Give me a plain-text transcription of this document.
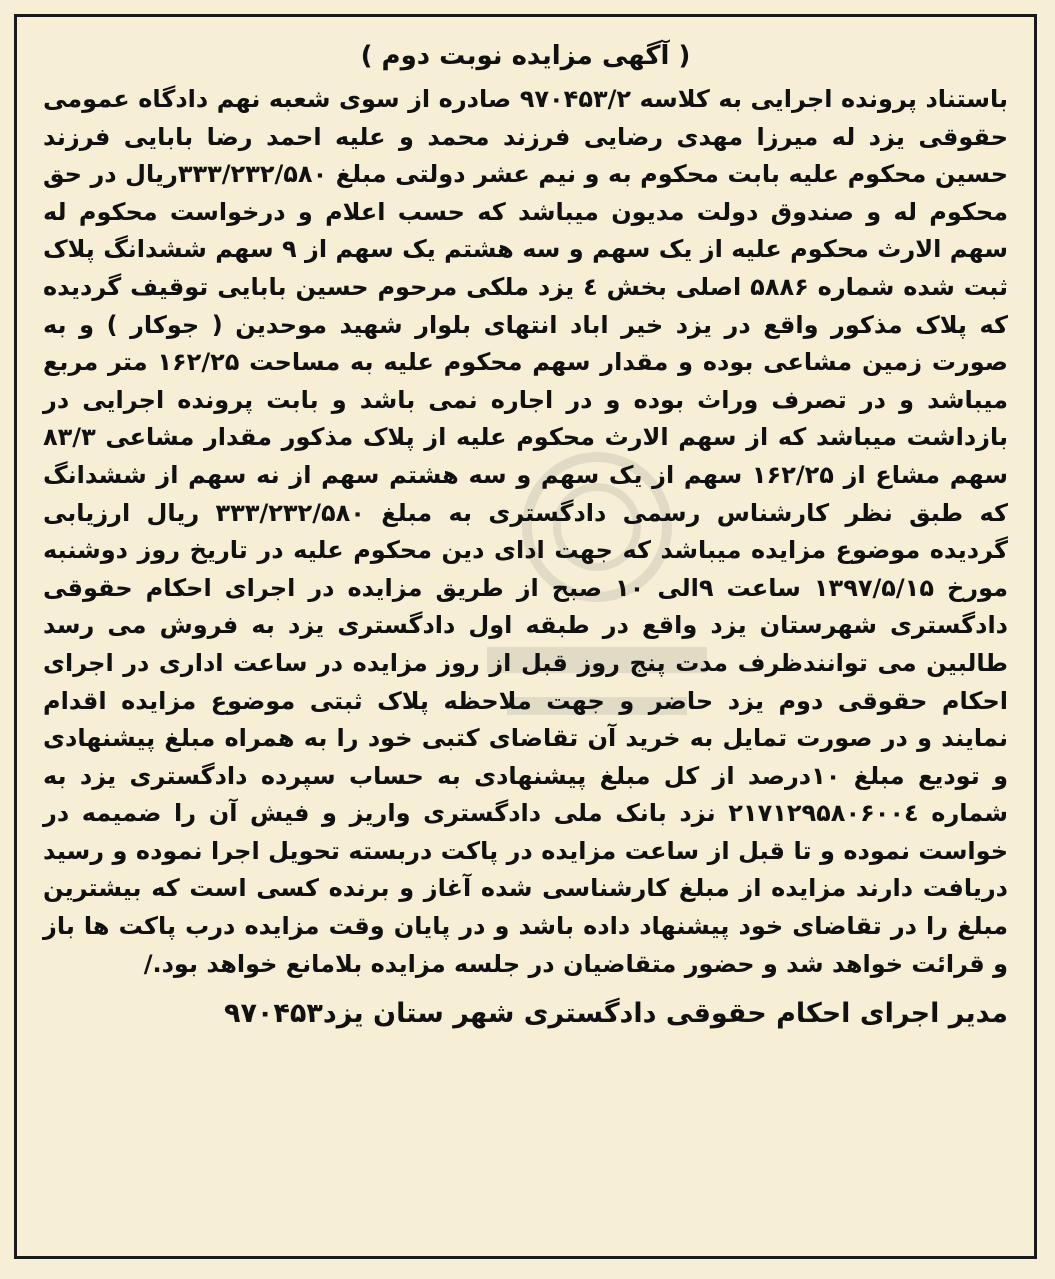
( آگهی مزایده نوبت دوم )

باستناد پرونده اجرایی به کلاسه ۹۷۰۴۵۳/۲ صادره از سوی شعبه نهم دادگاه عمومی حقوقی یزد له میرزا مهدی رضایی فرزند محمد و علیه احمد رضا بابایی فرزند حسین محکوم علیه بابت محکوم به و نیم عشر دولتی مبلغ ۳۳۳/۲۳۲/۵۸۰ریال در حق محکوم له و صندوق دولت مدیون میباشد که حسب اعلام و درخواست محکوم له سهم الارث محکوم علیه از یک سهم و سه هشتم یک سهم از ۹ سهم ششدانگ پلاک ثبت شده شماره ۵۸۸۶ اصلی بخش ٤ یزد ملکی مرحوم حسین بابایی توقیف گردیده که پلاک مذکور واقع در یزد خیر اباد انتهای بلوار شهید موحدین ( جوکار ) و به صورت زمین مشاعی بوده و مقدار سهم محکوم علیه به مساحت ۱۶۲/۲۵ متر مربع میباشد و در تصرف وراث بوده و در اجاره نمی باشد و بابت پرونده اجرایی در بازداشت میباشد که از سهم الارث محکوم علیه از پلاک مذکور مقدار مشاعی ۸۳/۳ سهم مشاع از ۱۶۲/۲۵ سهم از یک سهم و سه هشتم سهم از نه سهم از ششدانگ که طبق نظر کارشناس رسمی دادگستری به مبلغ ۳۳۳/۲۳۲/۵۸۰ ریال ارزیابی گردیده موضوع مزایده میباشد که جهت ادای دین محکوم علیه در تاریخ روز دوشنبه مورخ ۱۳۹۷/۵/۱۵ ساعت ۹الی ۱۰ صبح از طریق مزایده در اجرای احکام حقوقی دادگستری شهرستان یزد واقع در طبقه اول دادگستری یزد به فروش می رسد طالبین می توانندظرف مدت پنج روز قبل از روز مزایده در ساعت اداری در اجرای احکام حقوقی دوم یزد حاضر و جهت ملاحظه پلاک ثبتی موضوع مزایده اقدام نمایند و در صورت تمایل به خرید آن تقاضای کتبی خود را به همراه مبلغ پیشنهادی و تودیع مبلغ ۱۰درصد از کل مبلغ پیشنهادی به حساب سپرده دادگستری یزد به شماره ۲۱۷۱۲۹۵۸۰۶۰۰٤ نزد بانک ملی دادگستری واریز و فیش آن را ضمیمه در خواست نموده و تا قبل از ساعت مزایده در پاکت دربسته تحویل اجرا نموده و رسید دریافت دارند مزایده از مبلغ کارشناسی شده آغاز و برنده کسی است که بیشترین مبلغ را در تقاضای خود پیشنهاد داده باشد و در پایان وقت مزایده درب پاکت ها باز و قرائت خواهد شد و حضور متقاضیان در جلسه مزایده بلامانع خواهد بود./

مدیر اجرای احکام حقوقی دادگستری شهر ستان یزد۹۷۰۴۵۳
